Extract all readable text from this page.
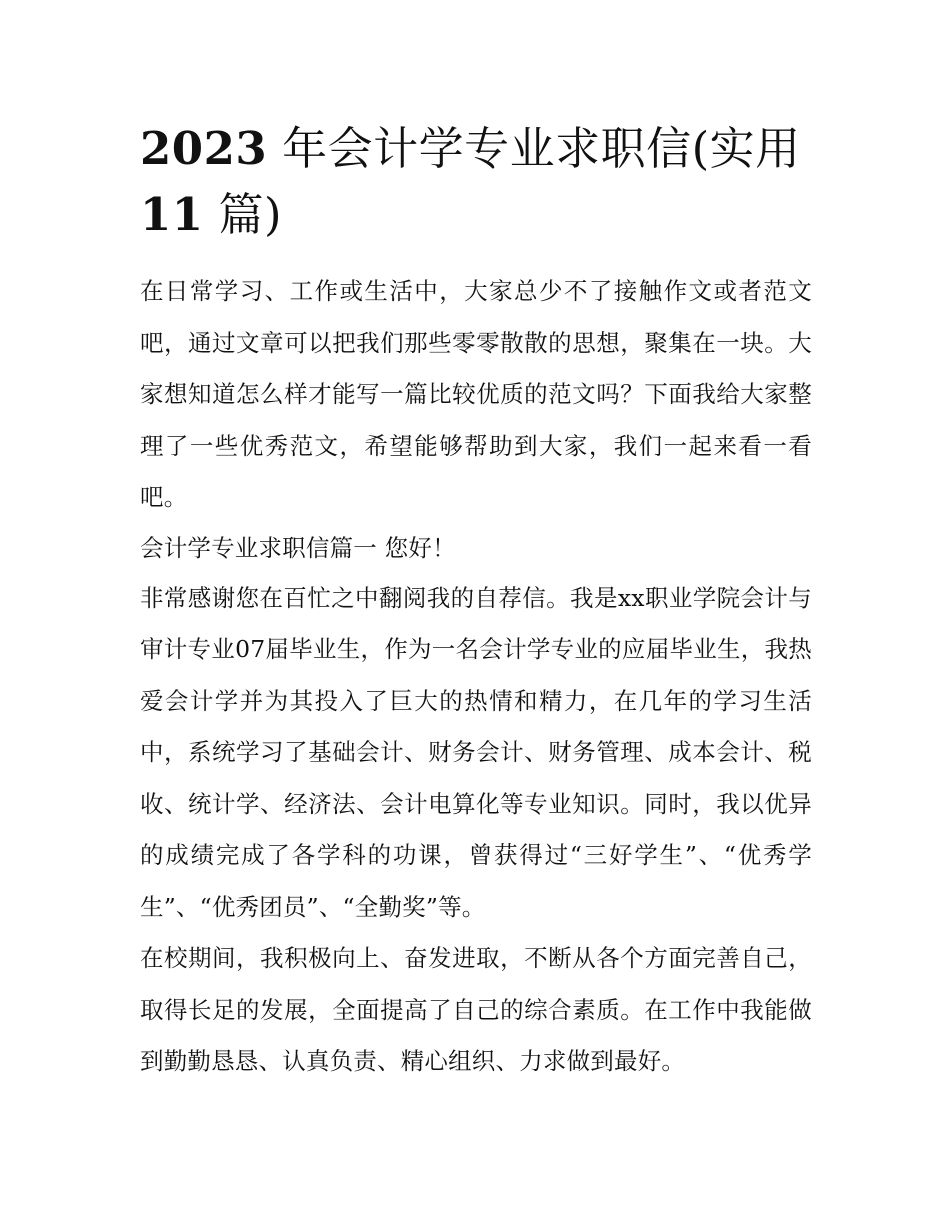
2023 年会计学专业求职信(实用 11 篇)

在日常学习、工作或生活中，大家总少不了接触作文或者范文吧，通过文章可以把我们那些零零散散的思想，聚集在一块。大家想知道怎么样才能写一篇比较优质的范文吗？下面我给大家整理了一些优秀范文，希望能够帮助到大家，我们一起来看一看吧。

会计学专业求职信篇一 您好！

非常感谢您在百忙之中翻阅我的自荐信。我是xx职业学院会计与审计专业07届毕业生，作为一名会计学专业的应届毕业生，我热爱会计学并为其投入了巨大的热情和精力，在几年的学习生活中，系统学习了基础会计、财务会计、财务管理、成本会计、税收、统计学、经济法、会计电算化等专业知识。同时，我以优异的成绩完成了各学科的功课，曾获得过“三好学生”、“优秀学生”、“优秀团员”、“全勤奖”等。

在校期间，我积极向上、奋发进取，不断从各个方面完善自己，取得长足的发展，全面提高了自己的综合素质。在工作中我能做到勤勤恳恳、认真负责、精心组织、力求做到最好。
